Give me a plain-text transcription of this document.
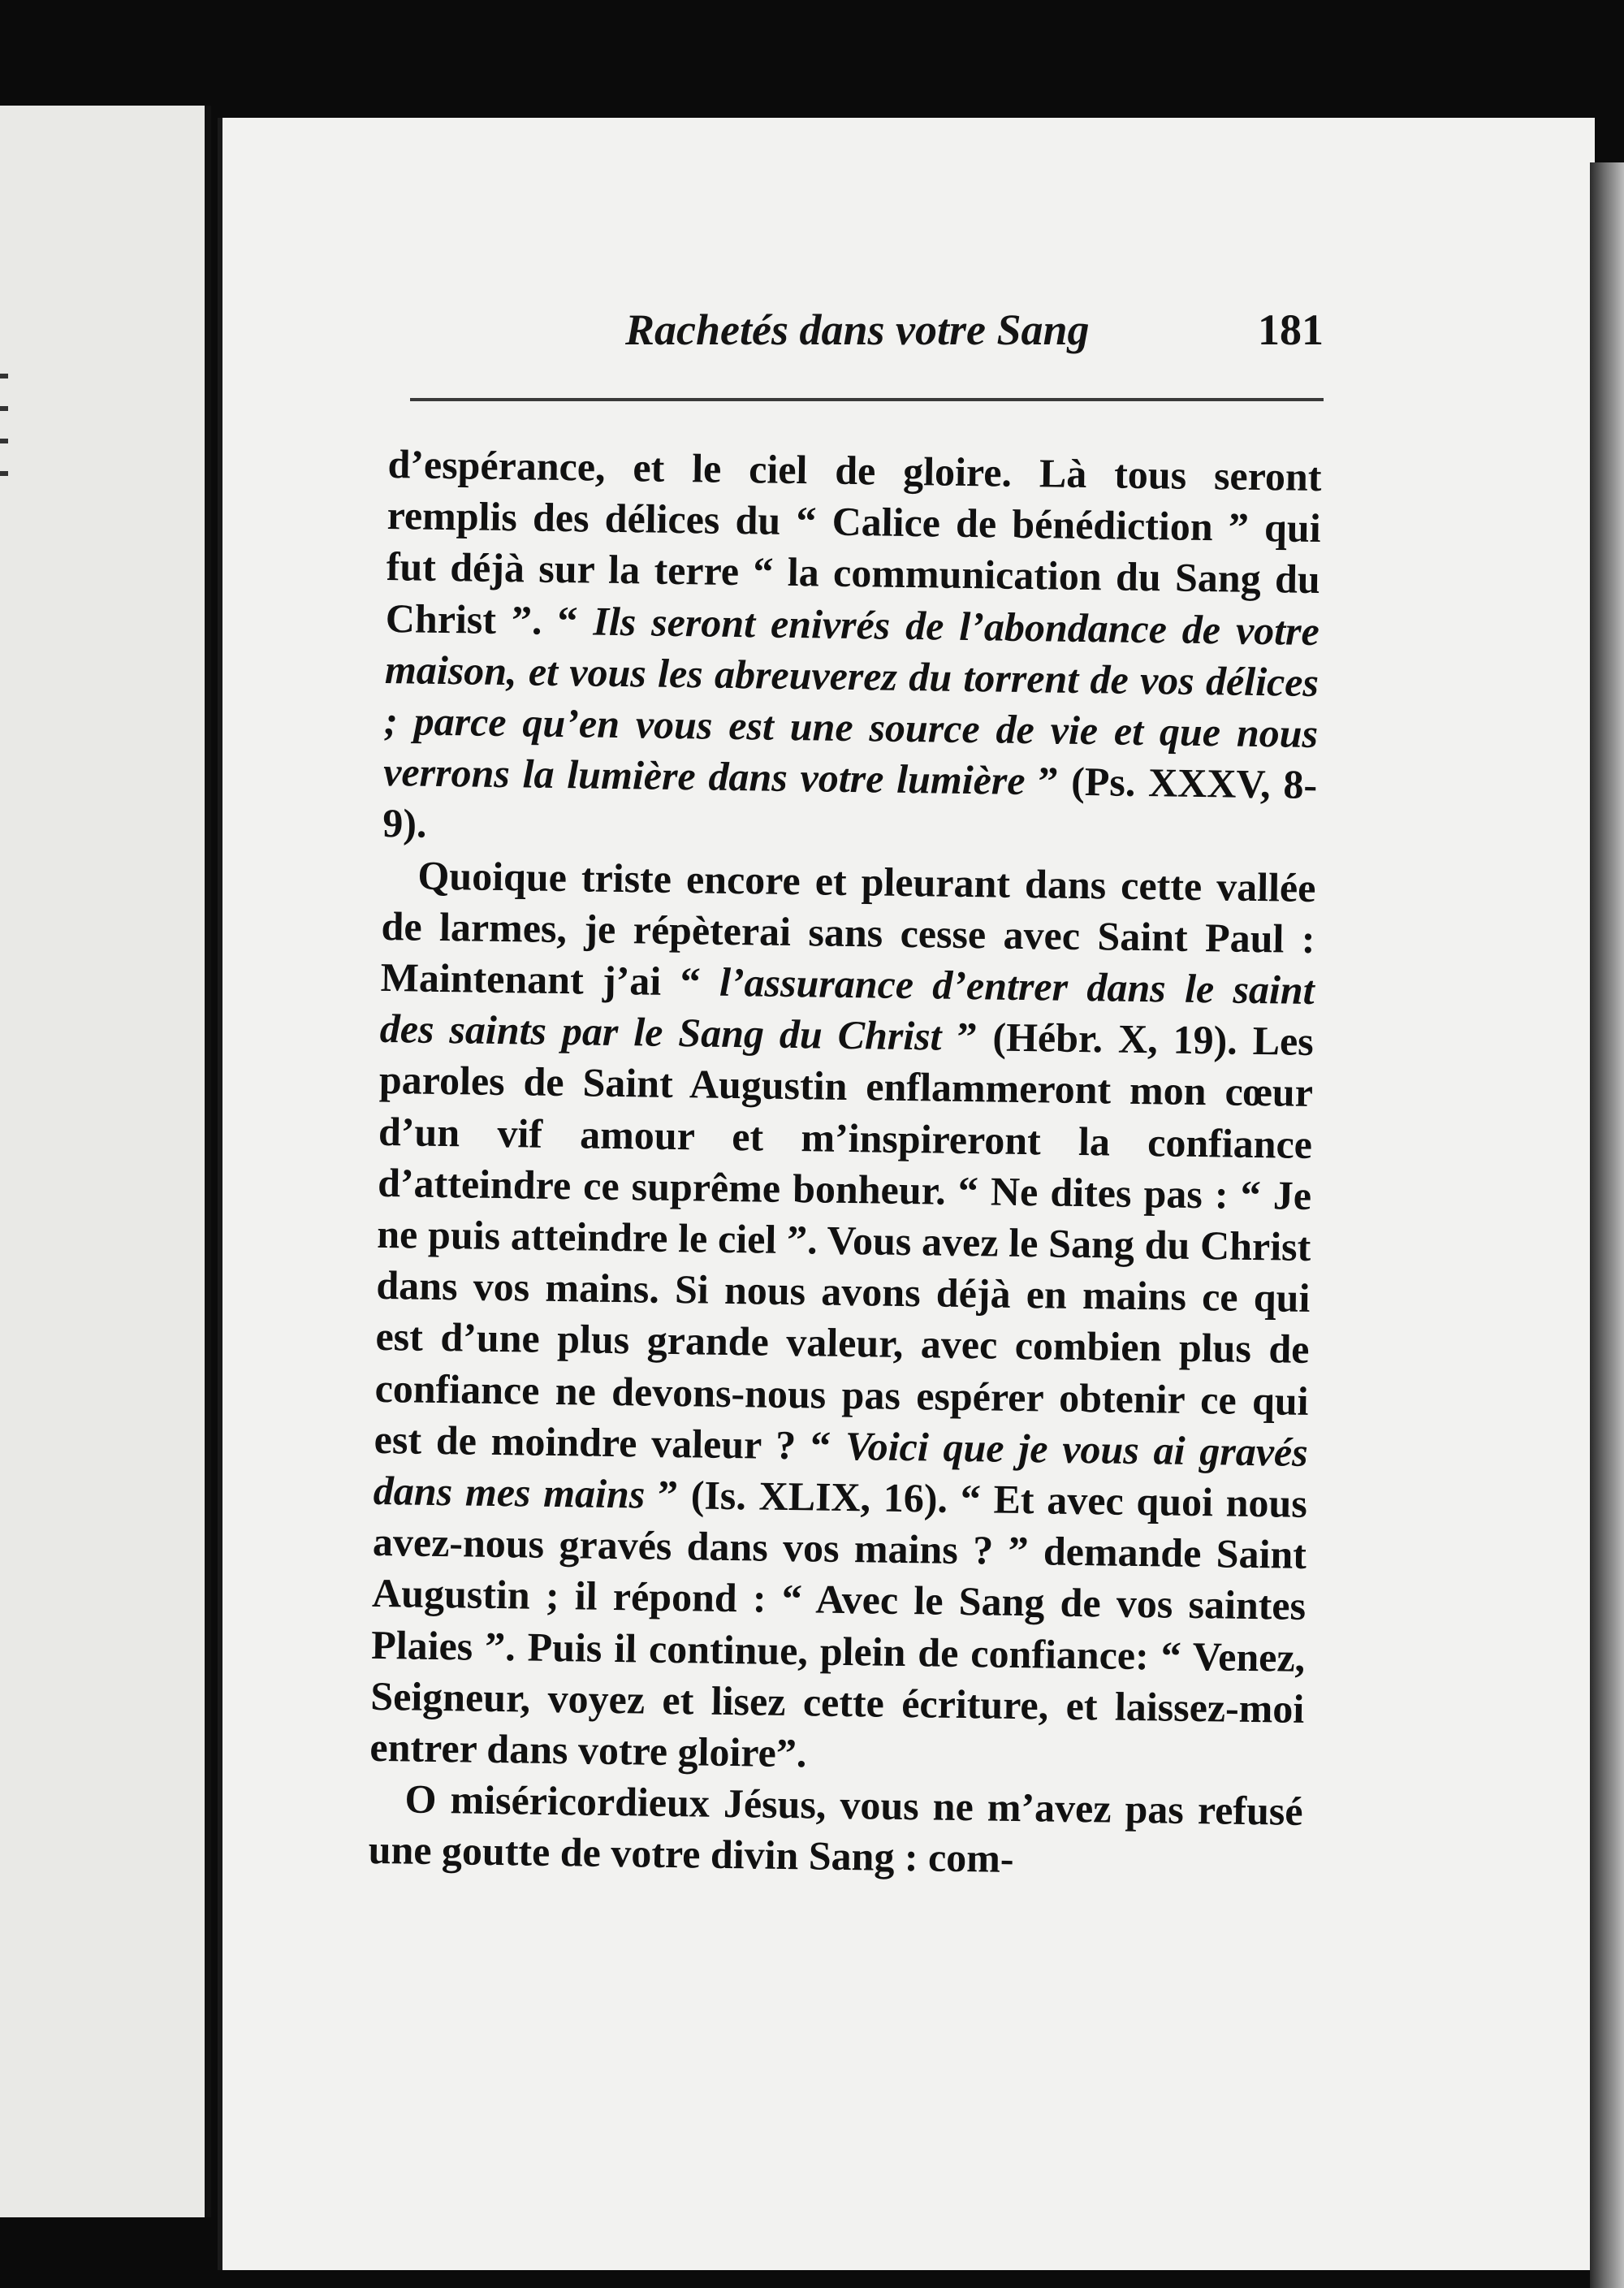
Rachetés dans votre Sang	181

d’espérance, et le ciel de gloire. Là tous seront remplis des délices du “ Calice de bénédiction ” qui fut déjà sur la terre “ la communication du Sang du Christ ”. “ Ils seront enivrés de l’abondance de votre maison, et vous les abreuverez du torrent de vos délices ; parce qu’en vous est une source de vie et que nous verrons la lumière dans votre lumière ” (Ps. XXXV, 8-9).

Quoique triste encore et pleurant dans cette vallée de larmes, je répèterai sans cesse avec Saint Paul : Maintenant j’ai “ l’assurance d’entrer dans le saint des saints par le Sang du Christ ” (Hébr. X, 19). Les paroles de Saint Augustin enflammeront mon cœur d’un vif amour et m’inspireront la confiance d’atteindre ce suprême bonheur. “ Ne dites pas : “ Je ne puis atteindre le ciel ”. Vous avez le Sang du Christ dans vos mains. Si nous avons déjà en mains ce qui est d’une plus grande valeur, avec combien plus de confiance ne devons-nous pas espérer obtenir ce qui est de moindre valeur ? “ Voici que je vous ai gravés dans mes mains ” (Is. XLIX, 16). “ Et avec quoi nous avez-nous gravés dans vos mains ? ” demande Saint Augustin ; il répond : “ Avec le Sang de vos saintes Plaies ”. Puis il continue, plein de confiance: “ Venez, Seigneur, voyez et lisez cette écriture, et laissez-moi entrer dans votre gloire”.

O miséricordieux Jésus, vous ne m’avez pas refusé une goutte de votre divin Sang : com-
